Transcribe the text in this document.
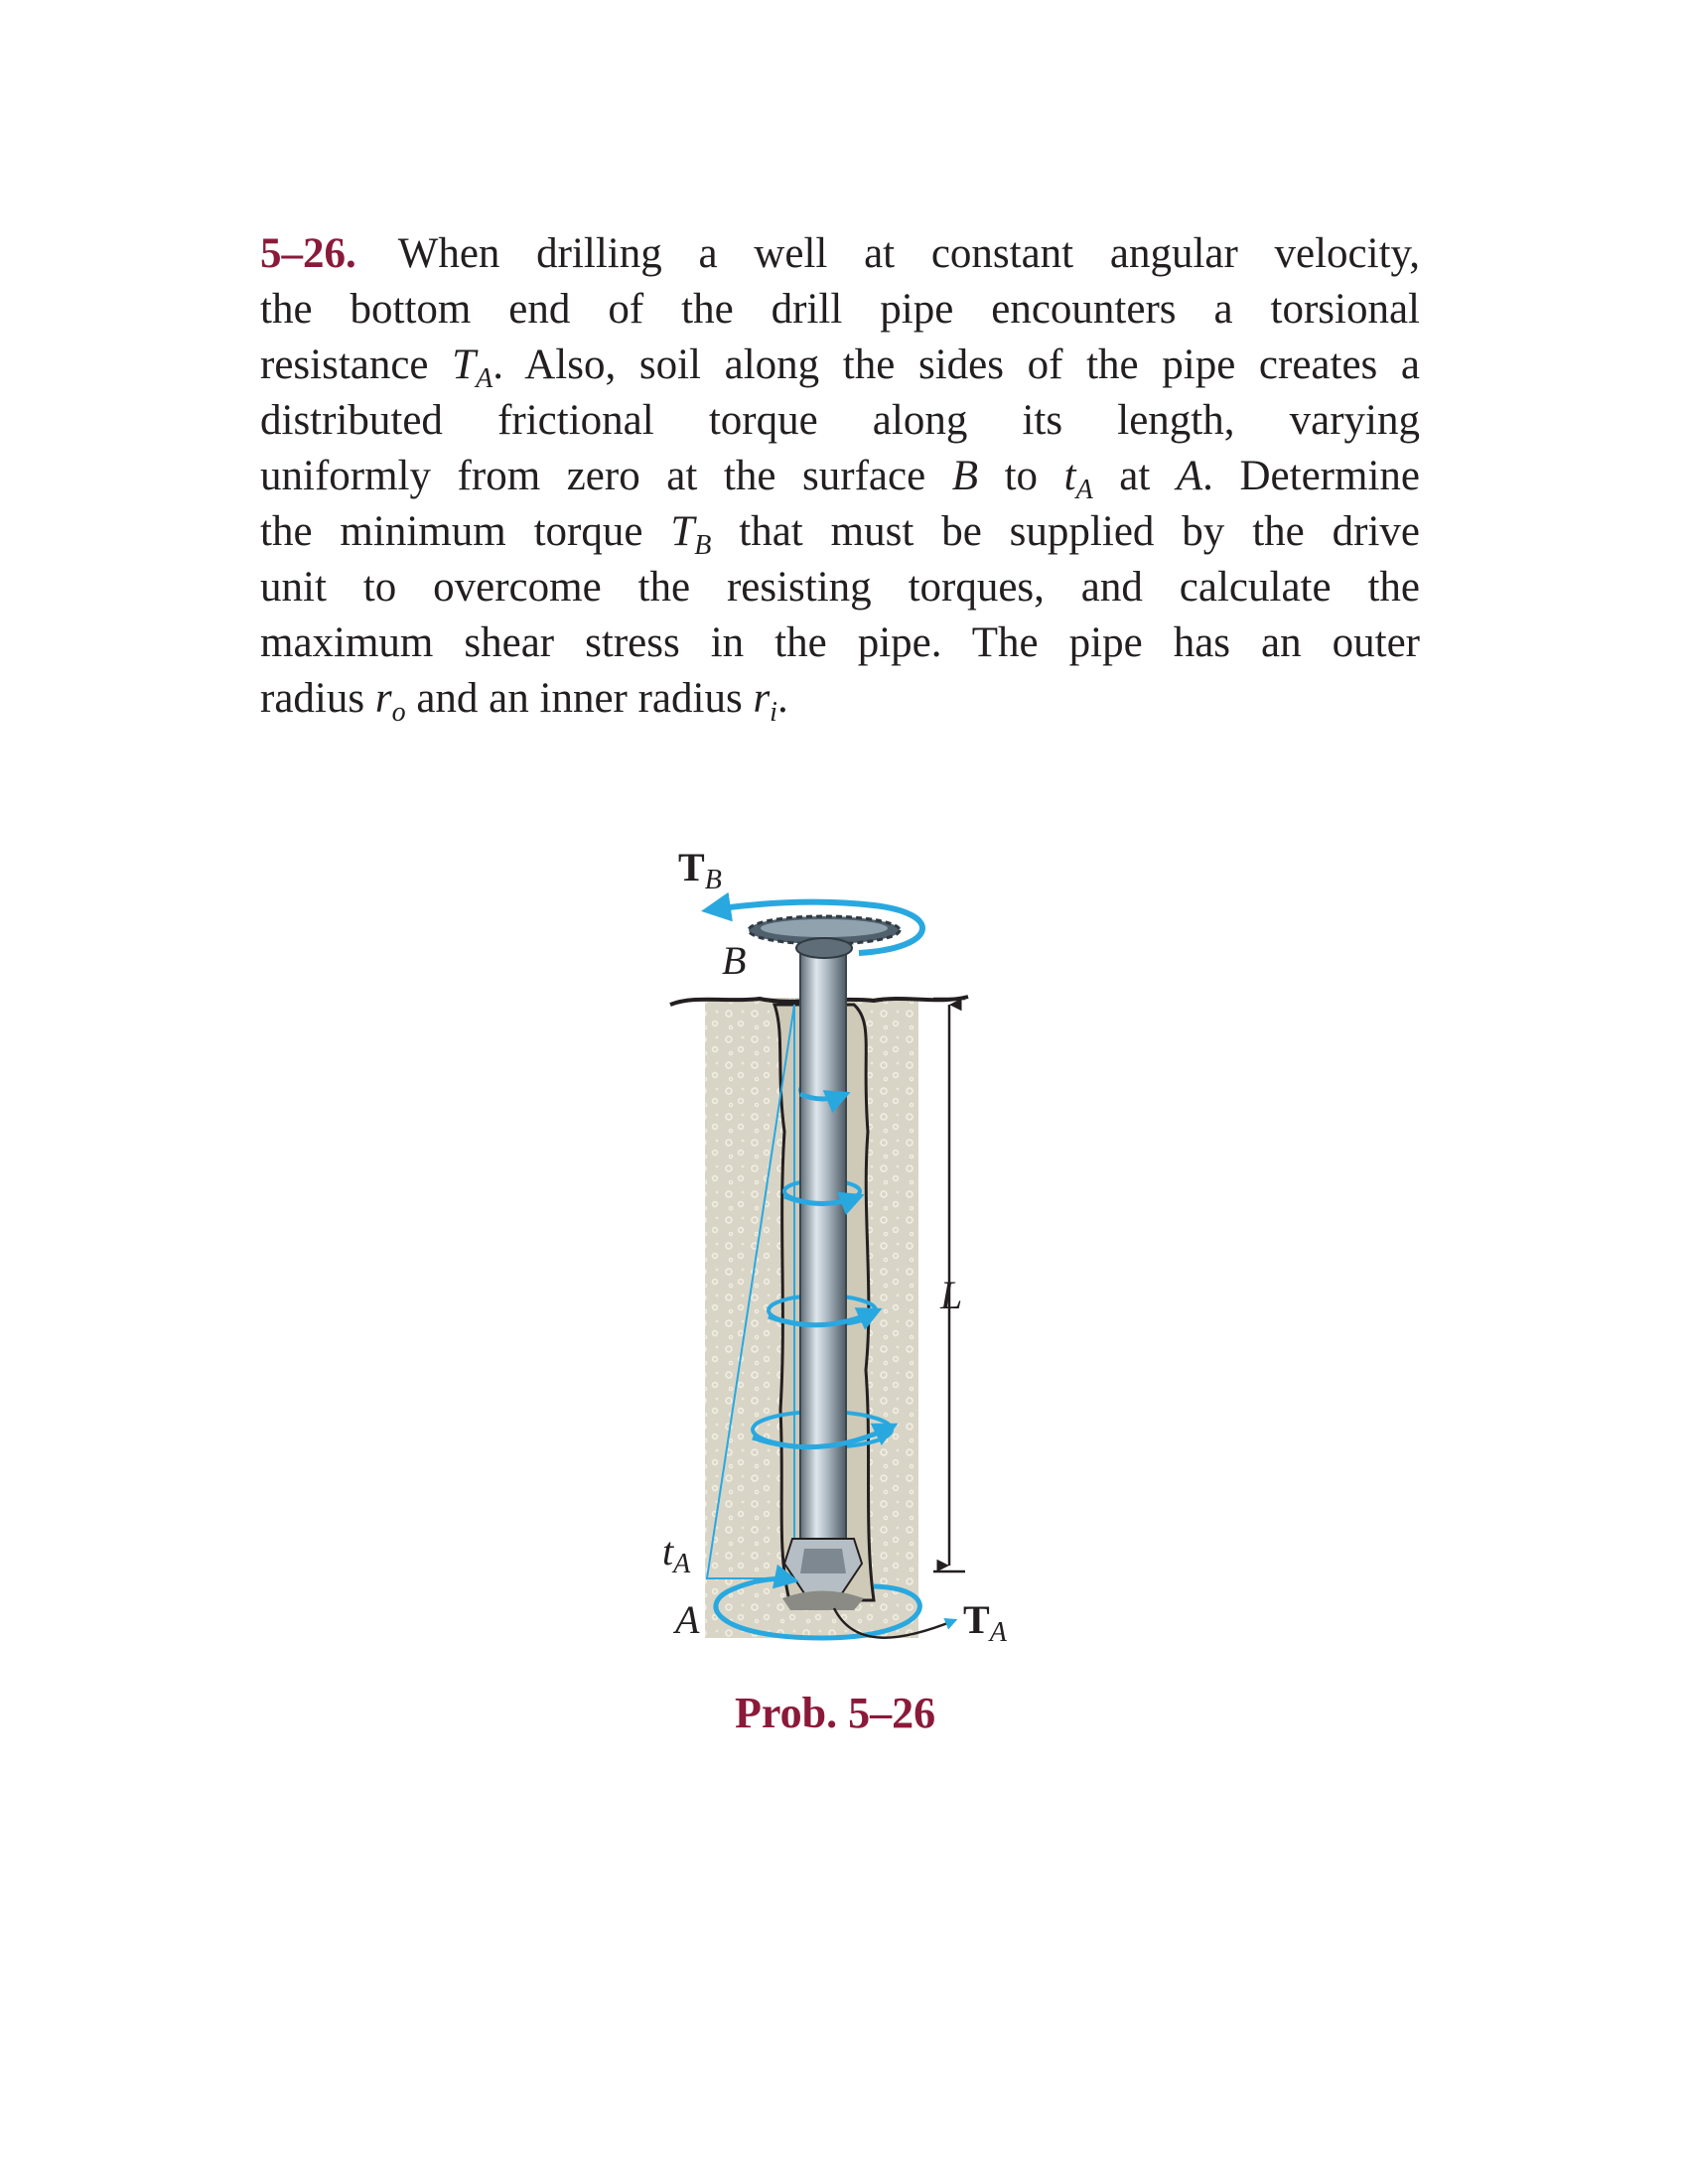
5–26. When drilling a well at constant angular velocity,
the bottom end of the drill pipe encounters a torsional
resistance $T_A$. Also, soil along the sides of the pipe creates a
distributed frictional torque along its length, varying
uniformly from zero at the surface B to $t_A$ at A. Determine
the minimum torque $T_B$ that must be supplied by the drive
unit to overcome the resisting torques, and calculate the
maximum shear stress in the pipe. The pipe has an outer
radius $r_o$ and an inner radius $r_i$.
$T_B$
B
L
$t_A$
A	$T_A$
Prob. 5–26
